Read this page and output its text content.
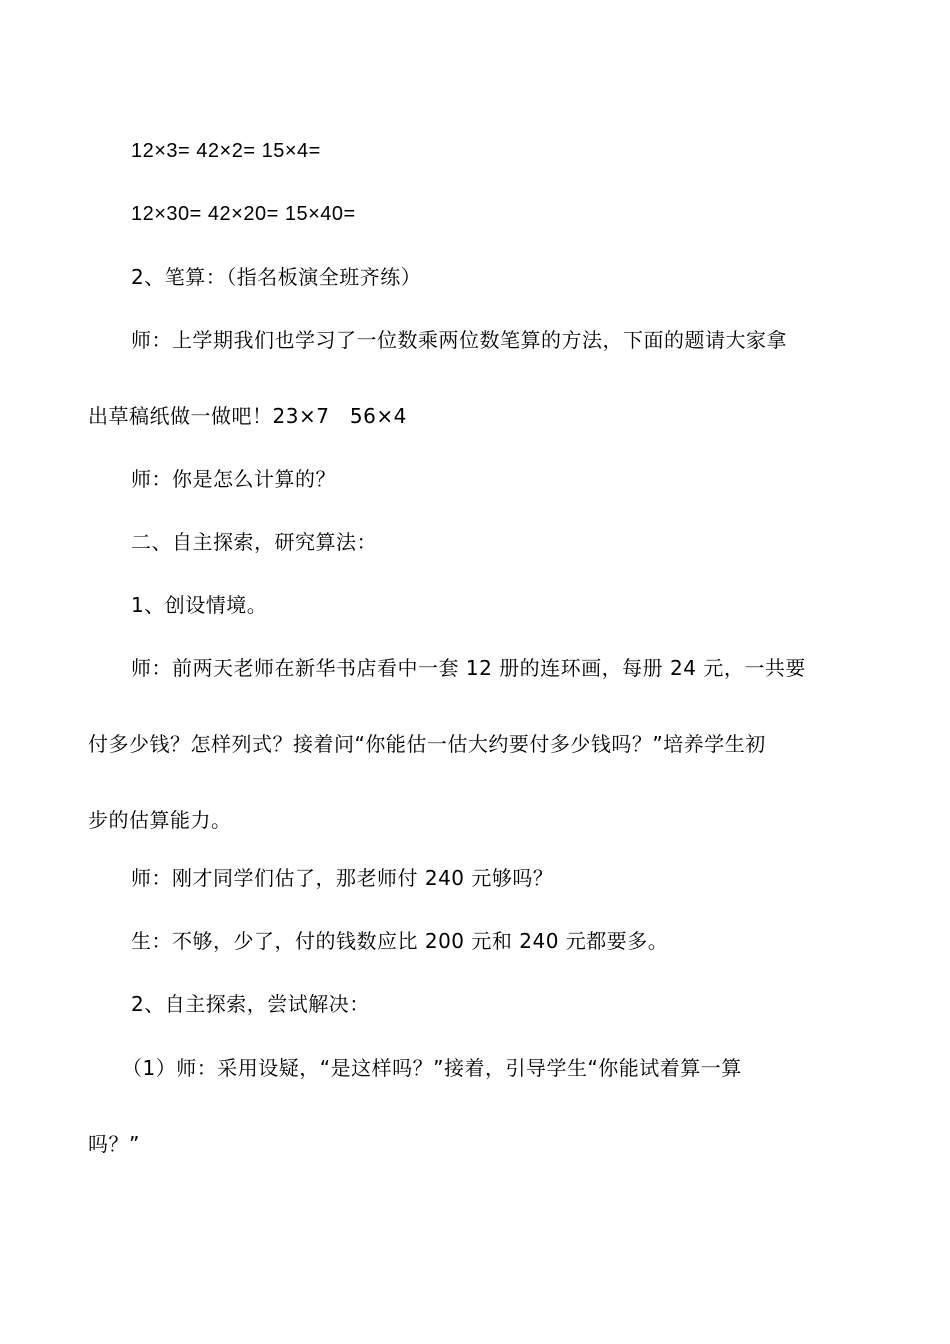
12×3= 42×2= 15×4=
12×30= 42×20= 15×40=
2、笔算：（指名板演全班齐练）
师：上学期我们也学习了一位数乘两位数笔算的方法，下面的题请大家拿
出草稿纸做一做吧！23×7　56×4
师：你是怎么计算的？
二、自主探索，研究算法：
1、创设情境。
师：前两天老师在新华书店看中一套 12 册的连环画，每册 24 元，一共要
付多少钱？怎样列式？接着问“你能估一估大约要付多少钱吗？”培养学生初
步的估算能力。
师：刚才同学们估了，那老师付 240 元够吗？
生：不够，少了，付的钱数应比 200 元和 240 元都要多。
2、自主探索，尝试解决：
（1）师：采用设疑，“是这样吗？”接着，引导学生“你能试着算一算
吗？”
